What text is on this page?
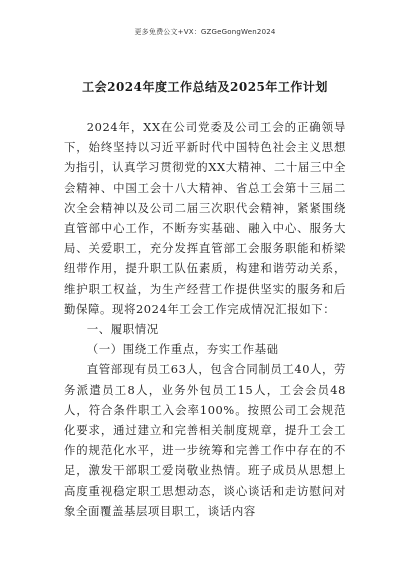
更多免费公文+VX：GZGeGongWen2024
工会2024年度工作总结及2025年工作计划

2024年，XX在公司党委及公司工会的正确领导下，始终坚持以习近平新时代中国特色社会主义思想为指引，认真学习贯彻党的XX大精神、二十届三中全会精神、中国工会十八大精神、省总工会第十三届二次全会精神以及公司二届三次职代会精神，紧紧围绕直管部中心工作，不断夯实基础、融入中心、服务大局、关爱职工，充分发挥直管部工会服务职能和桥梁纽带作用，提升职工队伍素质，构建和谐劳动关系，维护职工权益，为生产经营工作提供坚实的服务和后勤保障。现将2024年工会工作完成情况汇报如下：

一、履职情况

（一）围绕工作重点，夯实工作基础

直管部现有员工63人，包含合同制员工40人，劳务派遣员工8人，业务外包员工15人，工会会员48人，符合条件职工入会率100%。按照公司工会规范化要求，通过建立和完善相关制度规章，提升工会工作的规范化水平，进一步统筹和完善工作中存在的不足，激发干部职工爱岗敬业热情。班子成员从思想上高度重视稳定职工思想动态，谈心谈话和走访慰问对象全面覆盖基层项目职工，谈话内容
